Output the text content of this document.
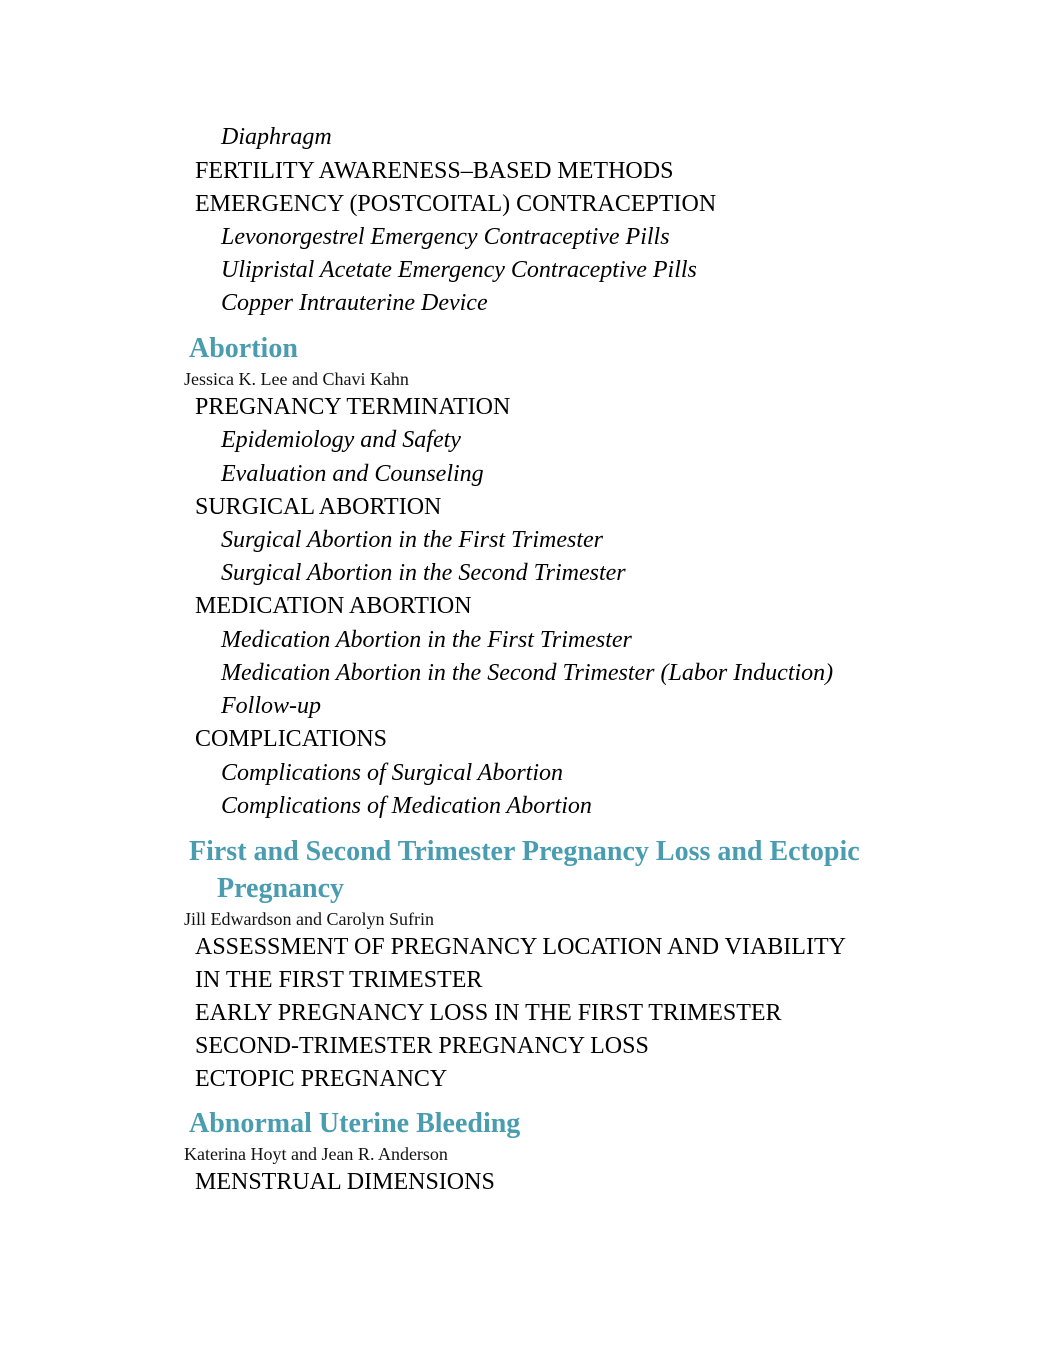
Diaphragm
FERTILITY AWARENESS–BASED METHODS
EMERGENCY (POSTCOITAL) CONTRACEPTION
Levonorgestrel Emergency Contraceptive Pills
Ulipristal Acetate Emergency Contraceptive Pills
Copper Intrauterine Device
Abortion
Jessica K. Lee and Chavi Kahn
PREGNANCY TERMINATION
Epidemiology and Safety
Evaluation and Counseling
SURGICAL ABORTION
Surgical Abortion in the First Trimester
Surgical Abortion in the Second Trimester
MEDICATION ABORTION
Medication Abortion in the First Trimester
Medication Abortion in the Second Trimester (Labor Induction)
Follow-up
COMPLICATIONS
Complications of Surgical Abortion
Complications of Medication Abortion
First and Second Trimester Pregnancy Loss and Ectopic
Pregnancy
Jill Edwardson and Carolyn Sufrin
ASSESSMENT OF PREGNANCY LOCATION AND VIABILITY
IN THE FIRST TRIMESTER
EARLY PREGNANCY LOSS IN THE FIRST TRIMESTER
SECOND-TRIMESTER PREGNANCY LOSS
ECTOPIC PREGNANCY
Abnormal Uterine Bleeding
Katerina Hoyt and Jean R. Anderson
MENSTRUAL DIMENSIONS
